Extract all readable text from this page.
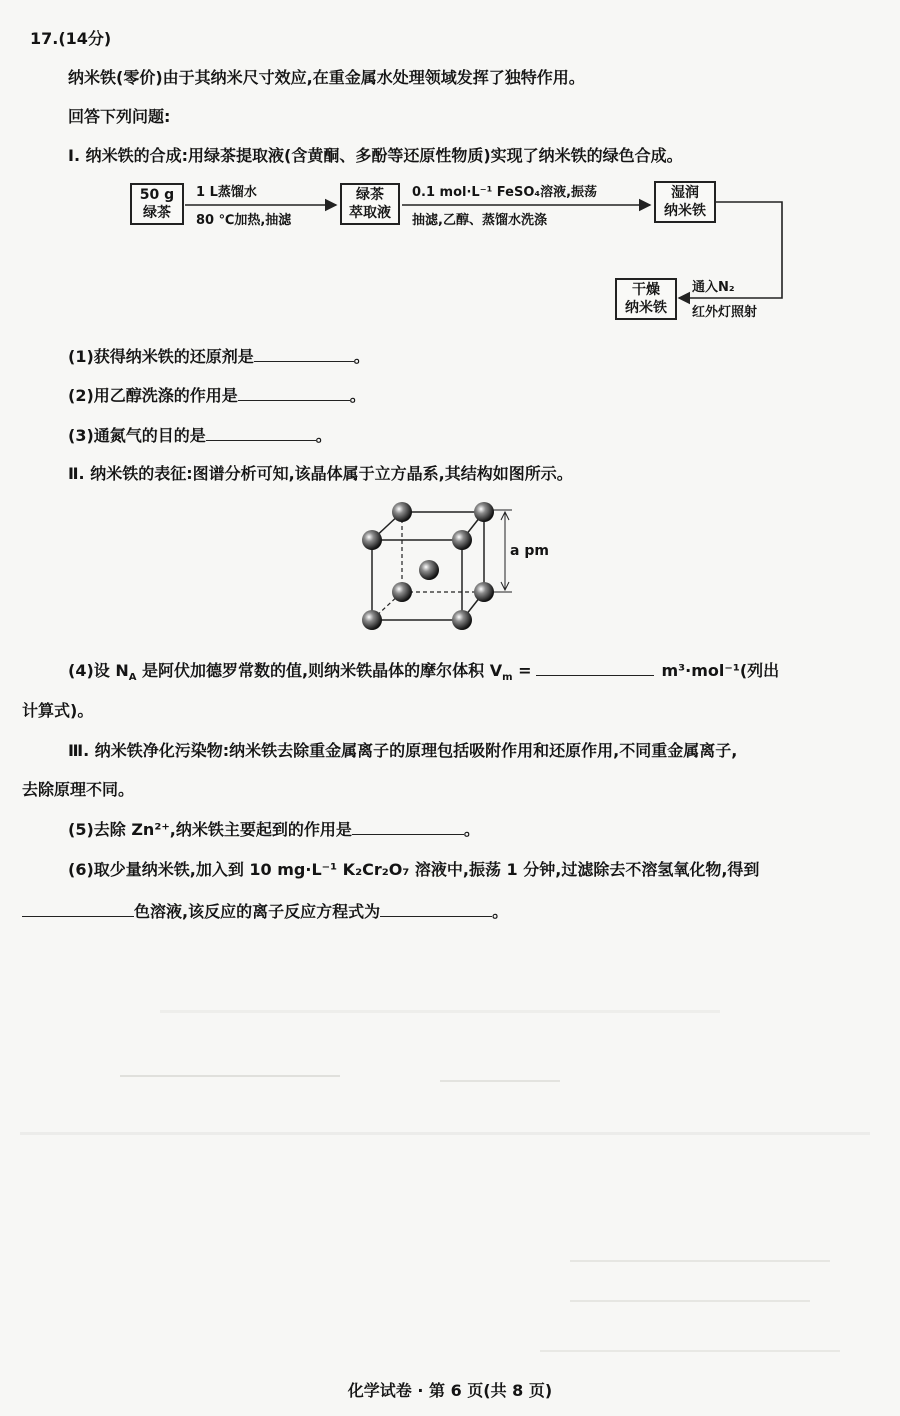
17.(14分)
纳米铁(零价)由于其纳米尺寸效应,在重金属水处理领域发挥了独特作用。
回答下列问题:
Ⅰ. 纳米铁的合成:用绿茶提取液(含黄酮、多酚等还原性物质)实现了纳米铁的绿色合成。
50 g
绿茶
1 L蒸馏水
80 ℃加热,抽滤
绿茶
萃取液
0.1 mol·L⁻¹ FeSO₄溶液,振荡
抽滤,乙醇、蒸馏水洗涤
湿润
纳米铁
干燥
纳米铁
通入N₂
红外灯照射
(1)获得纳米铁的还原剂是	。
(2)用乙醇洗涤的作用是	。
(3)通氮气的目的是	。
Ⅱ. 纳米铁的表征:图谱分析可知,该晶体属于立方晶系,其结构如图所示。
a pm
(4)设 $N_A$ 是阿伏加德罗常数的值,则纳米铁晶体的摩尔体积 $V_m$ =	m³·mol⁻¹(列出
计算式)。
Ⅲ. 纳米铁净化污染物:纳米铁去除重金属离子的原理包括吸附作用和还原作用,不同重金属离子,
去除原理不同。
(5)去除 Zn²⁺,纳米铁主要起到的作用是	。
(6)取少量纳米铁,加入到 10 mg·L⁻¹ K₂Cr₂O₇ 溶液中,振荡 1 分钟,过滤除去不溶氢氧化物,得到
色溶液,该反应的离子反应方程式为	。
化学试卷 · 第 6 页(共 8 页)
